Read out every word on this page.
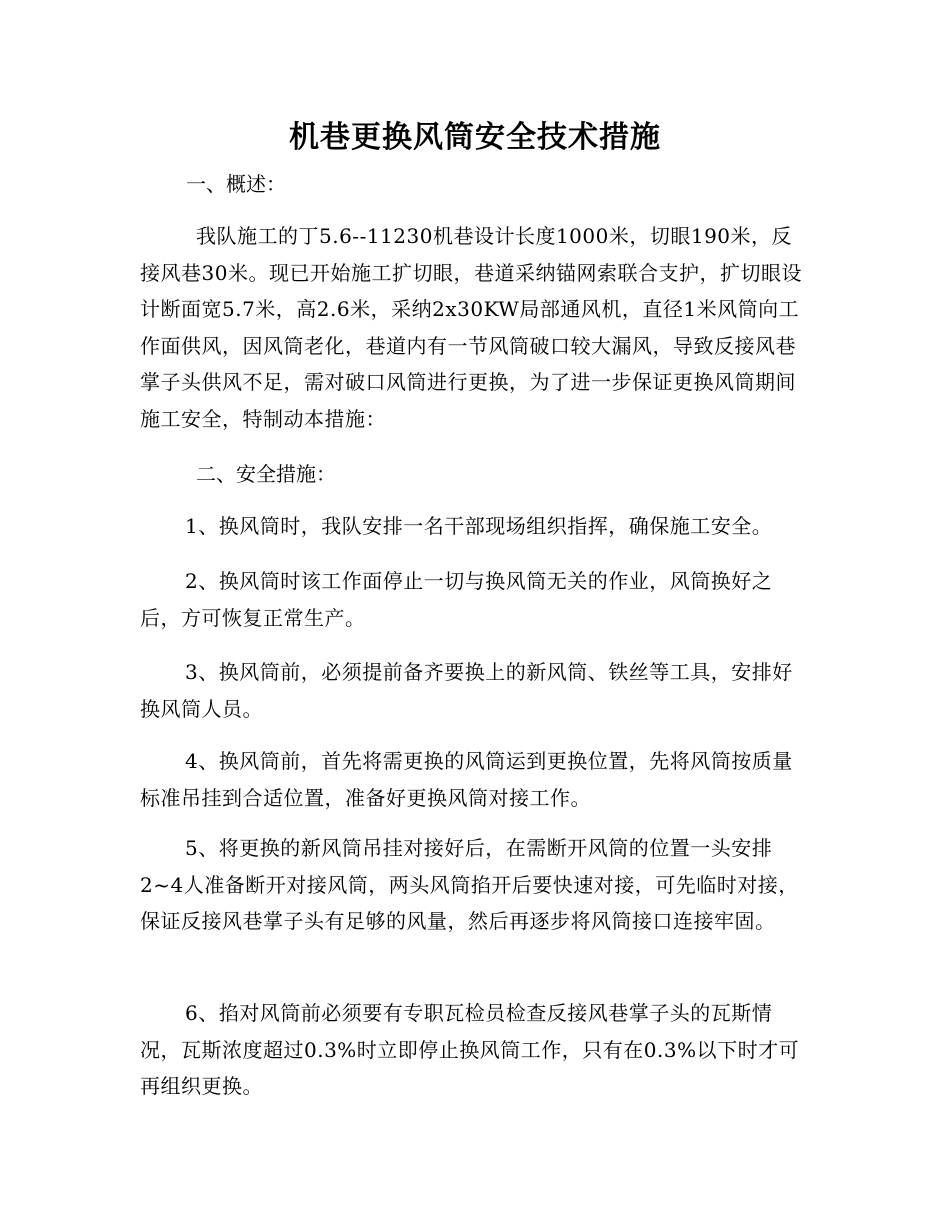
机巷更换风筒安全技术措施

一、概述：

我队施工的丁5.6--11230机巷设计长度1000米，切眼190米，反接风巷30米。现已开始施工扩切眼，巷道采纳锚网索联合支护，扩切眼设计断面宽5.7米，高2.6米，采纳2x30KW局部通风机，直径1米风筒向工作面供风，因风筒老化，巷道内有一节风筒破口较大漏风，导致反接风巷掌子头供风不足，需对破口风筒进行更换，为了进一步保证更换风筒期间施工安全，特制动本措施：

二、安全措施：

1、换风筒时，我队安排一名干部现场组织指挥，确保施工安全。

2、换风筒时该工作面停止一切与换风筒无关的作业，风筒换好之后，方可恢复正常生产。

3、换风筒前，必须提前备齐要换上的新风筒、铁丝等工具，安排好换风筒人员。

4、换风筒前，首先将需更换的风筒运到更换位置，先将风筒按质量标准吊挂到合适位置，准备好更换风筒对接工作。

5、将更换的新风筒吊挂对接好后，在需断开风筒的位置一头安排2~4人准备断开对接风筒，两头风筒掐开后要快速对接，可先临时对接，保证反接风巷掌子头有足够的风量，然后再逐步将风筒接口连接牢固。

6、掐对风筒前必须要有专职瓦检员检查反接风巷掌子头的瓦斯情况，瓦斯浓度超过0.3%时立即停止换风筒工作，只有在0.3%以下时才可再组织更换。
